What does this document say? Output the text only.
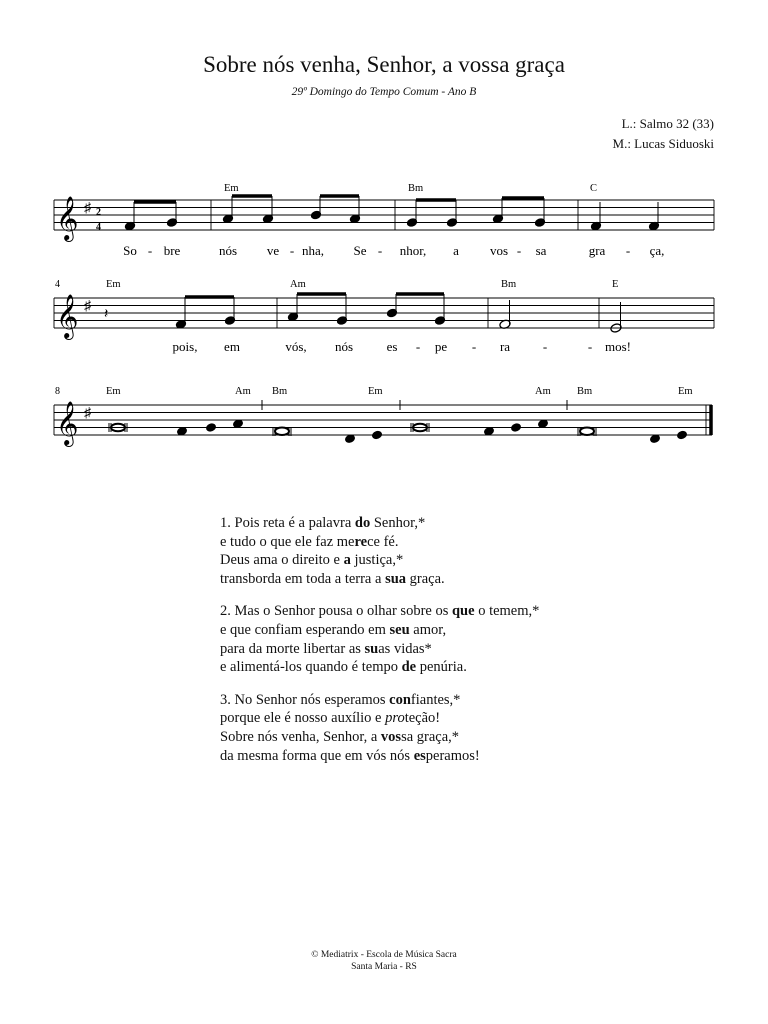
Sobre nós venha, Senhor, a vossa graça
29º Domingo do Tempo Comum - Ano B
L.: Salmo 32 (33)
M.: Lucas Siduoski
𝄞 ♯ 2
4
Em	Bm	C
So - bre	nós ve - nha, Se - nhor, a vos - sa	gra - ça,
4
𝄞 ♯
𝄽
Em	Am	Bm	E
pois, em	vós, nós	es - pe - ra	-	- mos!
8
𝄞 ♯
Em	Am Bm	Em	Am	Bm	Em
1. Pois reta é a palavra do Senhor,*
e tudo o que ele faz merece fé.
Deus ama o direito e a justiça,*
transborda em toda a terra a sua graça.
2. Mas o Senhor pousa o olhar sobre os que o temem,*
e que confiam esperando em seu amor,
para da morte libertar as suas vidas*
e alimentá-los quando é tempo de penúria.
3. No Senhor nós esperamos confiantes,*
porque ele é nosso auxílio e proteção!
Sobre nós venha, Senhor, a vossa graça,*
da mesma forma que em vós nós esperamos!
© Mediatrix - Escola de Música Sacra
Santa Maria - RS
